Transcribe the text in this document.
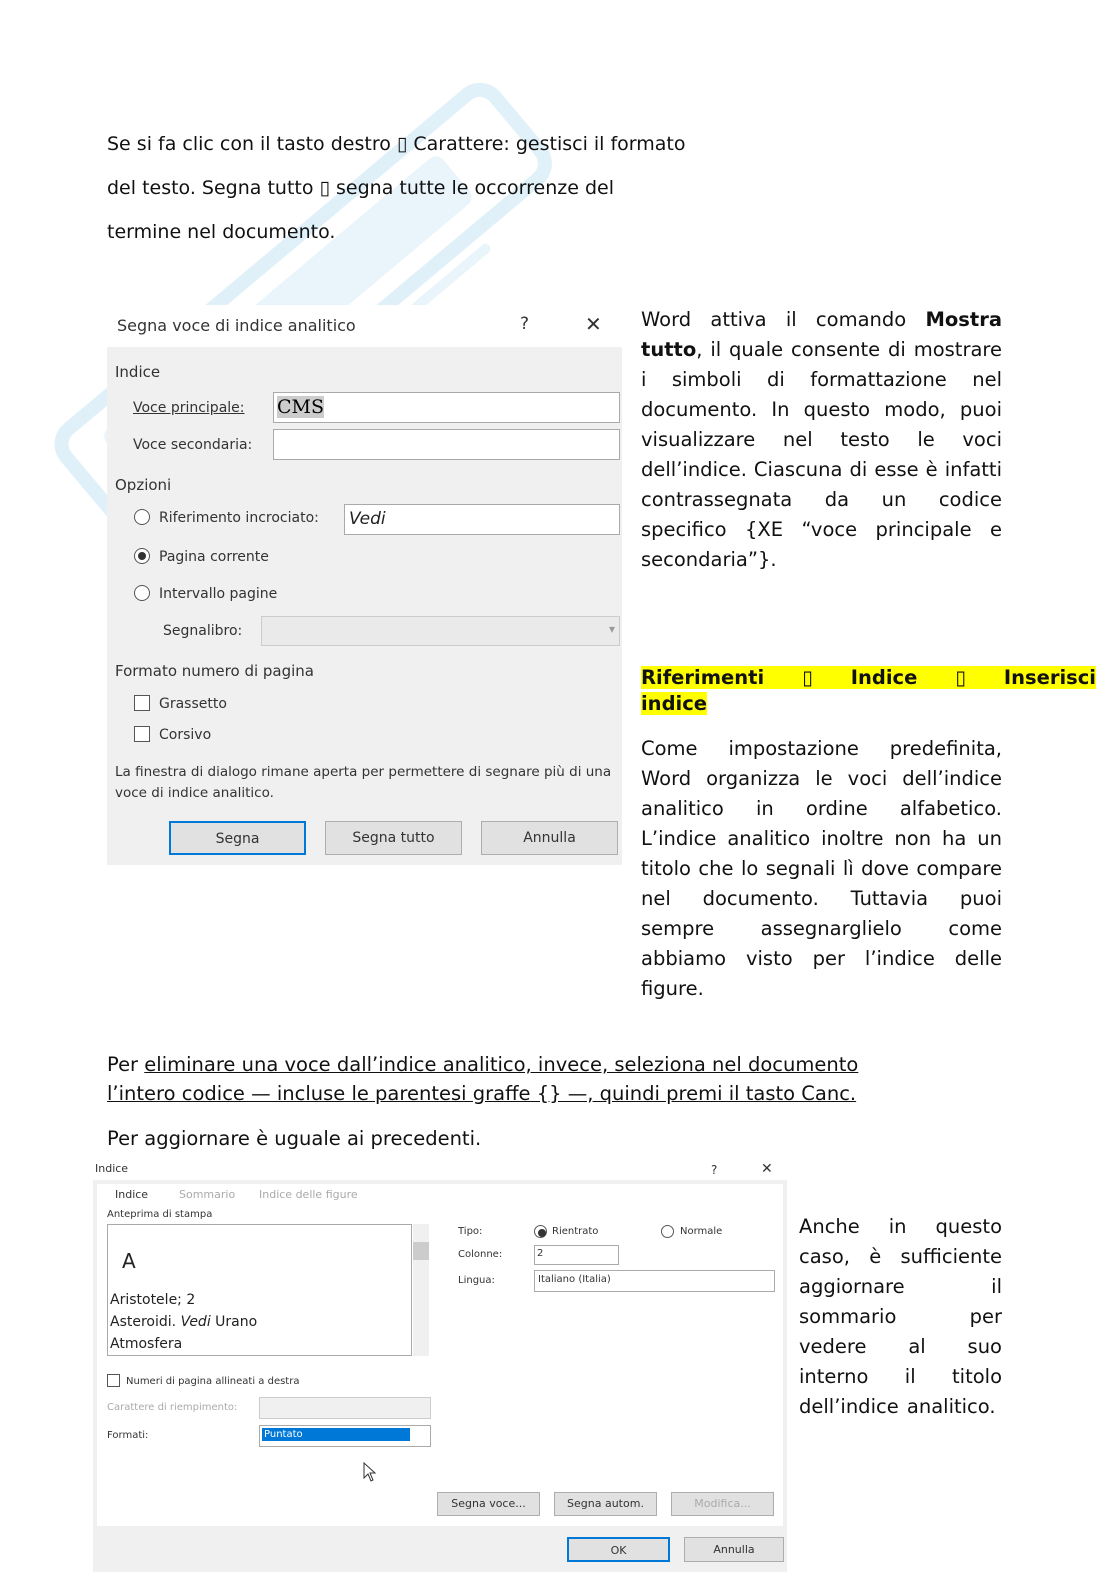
Se si fa clic con il tasto destro ▯ Carattere: gestisci il formato
del testo. Segna tutto ▯ segna tutte le occorrenze del
termine nel documento.
Segna voce di indice analitico	?	✕
Indice
Voce principale: CMS
Voce secondaria:
Opzioni
Riferimento incrociato: Vedi
Pagina corrente
Intervallo pagine
Segnalibro:	▾
Formato numero di pagina
Grassetto
Corsivo
La finestra di dialogo rimane aperta per permettere di segnare più di una voce di indice analitico.
Segna	Segna tutto	Annulla
Word attiva il comando Mostra tutto, il quale consente di mostrare i simboli di formattazione nel documento. In questo modo, puoi visualizzare nel testo le voci dell’indice. Ciascuna di esse è infatti contrassegnata da un codice specifico {XE “voce principale e secondaria”}.
Riferimenti ▯ Indice ▯ Inserisci indice
Come impostazione predefinita, Word organizza le voci dell’indice analitico in ordine alfabetico. L’indice analitico inoltre non ha un titolo che lo segnali lì dove compare nel documento. Tuttavia puoi sempre assegnarglielo come abbiamo visto per l’indice delle figure.
Per eliminare una voce dall’indice analitico, invece, seleziona nel documento
l’intero codice — incluse le parentesi graffe {} —, quindi premi il tasto Canc.
Per aggiornare è uguale ai precedenti.
Indice	?	✕
Indice	Sommario Indice delle figure
Anteprima di stampa
A
Aristotele; 2
Asteroidi. Vedi Urano
Atmosfera
Tipo:	Rientrato	Normale
Colonne:	2
Lingua:	Italiano (Italia)
Numeri di pagina allineati a destra
Carattere di riempimento:
Formati:	Puntato
Segna voce...	Segna autom.	Modifica...
OK	Annulla
Anche in questo caso, è sufficiente aggiornare il sommario per vedere al suo interno il titolo dell’indice analitico.
